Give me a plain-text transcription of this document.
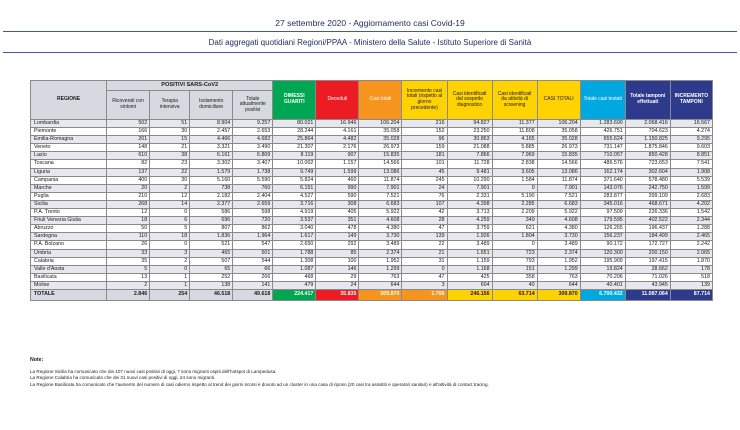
27 settembre 2020 - Aggiornamento casi Covid-19
Dati aggregati quotidiani Regioni/PPAA - Ministero della Salute - Istituto Superiore di Sanità
REGIONE	POSITIVI SARS-CoV2				DIMESSI GUARITI	Deceduti	Casi totali	Incremento casi totali (rispetto al giorno precedente)	Casi identificati dal sospetto diagnostico	Casi identificati da attività di screening	CASI TOTALI	Totale casi testati	Totale tamponi effettuati	INCREMENTO TAMPONI
	Ricoverati con sintomi	Terapia intensiva	Isolamento domiciliare	Totale attualmente positivi										
Lombardia	502	51	8.904	9.257	80.021	16.946	106.204	216	94.827	11.377	106.204	1.283.690	2.068.416	16.567
Piemonte	166	30	2.457	2.653	28.244	4.161	35.058	152	23.250	11.808	35.058	426.751	704.623	4.274
Emilia-Romagna	201	15	4.466	4.682	25.864	4.482	35.028	96	30.863	4.165	35.028	655.624	1.150.825	9.295
Veneto	148	21	3.321	3.490	21.307	2.176	26.973	159	21.088	5.885	26.973	731.147	1.875.846	9.603
Lazio	610	38	6.161	6.809	8.119	907	15.835	181	7.866	7.969	15.835	710.057	850.428	8.851
Toscana	82	23	3.302	3.407	10.002	1.157	14.566	101	11.728	2.838	14.566	486.576	723.653	7.541
Liguria	137	22	1.579	1.738	9.749	1.599	13.086	45	9.481	3.605	13.086	162.174	302.604	1.908
Campania	400	30	5.160	5.590	5.824	460	11.874	245	10.290	1.584	11.874	371.640	578.480	5.539
Marche	20	2	738	760	6.151	990	7.901	24	7.901	0	7.901	143.076	242.750	1.599
Puglia	210	12	2.182	2.404	4.527	590	7.521	76	2.331	5.190	7.521	283.877	399.109	2.683
Sicilia	268	14	2.377	2.659	3.716	308	6.683	107	4.398	2.285	6.683	345.016	468.671	4.202
P.A. Trento	12	0	586	598	4.919	405	5.922	42	3.713	2.209	5.922	97.509	226.336	1.542
Friuli Venezia Giulia	18	6	696	720	3.537	351	4.608	28	4.259	349	4.608	179.595	402.522	2.344
Abruzzo	50	5	807	862	3.040	478	4.380	47	3.759	621	4.380	126.265	196.437	1.288
Sardegna	110	18	1.836	1.964	1.617	149	3.730	139	1.926	1.804	3.730	156.237	184.499	2.465
P.A. Bolzano	26	0	521	547	2.650	292	3.489	22	3.489	0	3.489	90.172	172.727	2.242
Umbria	33	3	465	501	1.788	85	2.374	21	1.651	723	2.374	120.300	200.150	2.065
Calabria	35	2	507	544	1.308	100	1.952	31	1.159	793	1.952	195.909	197.415	1.870
Valle d'Aosta	5	0	65	66	1.087	146	1.299	0	1.168	151	1.299	19.824	28.662	178
Basilicata	13	1	252	266	468	29	763	47	425	358	763	70.206	71.026	518
Molise	2	1	138	141	479	24	644	3	604	40	644	40.401	43.945	139
TOTALE	2.846	254	46.518	49.618	224.417	35.835	309.870	1.766	246.156	63.714	309.870	6.700.432	11.087.064	87.714
Note:
La Regione Sicilia ha comunicato che dei 107 nuovi casi positivi di oggi, 7 sono migranti ospiti dell'hotspot di Lampedusa.
La Regione Calabria ha comunicato che dei 31 nuovi casi positivi di oggi, 24 sono migranti.
La Regione Basilicata ha comunicato che l'aumento del numero di casi odierno rispetto al trend dei giorni scorsi è dovuto ad un cluster in una casa di riposo (20 casi tra assistiti e operatori sanitari) e all'attività di contact tracing.
